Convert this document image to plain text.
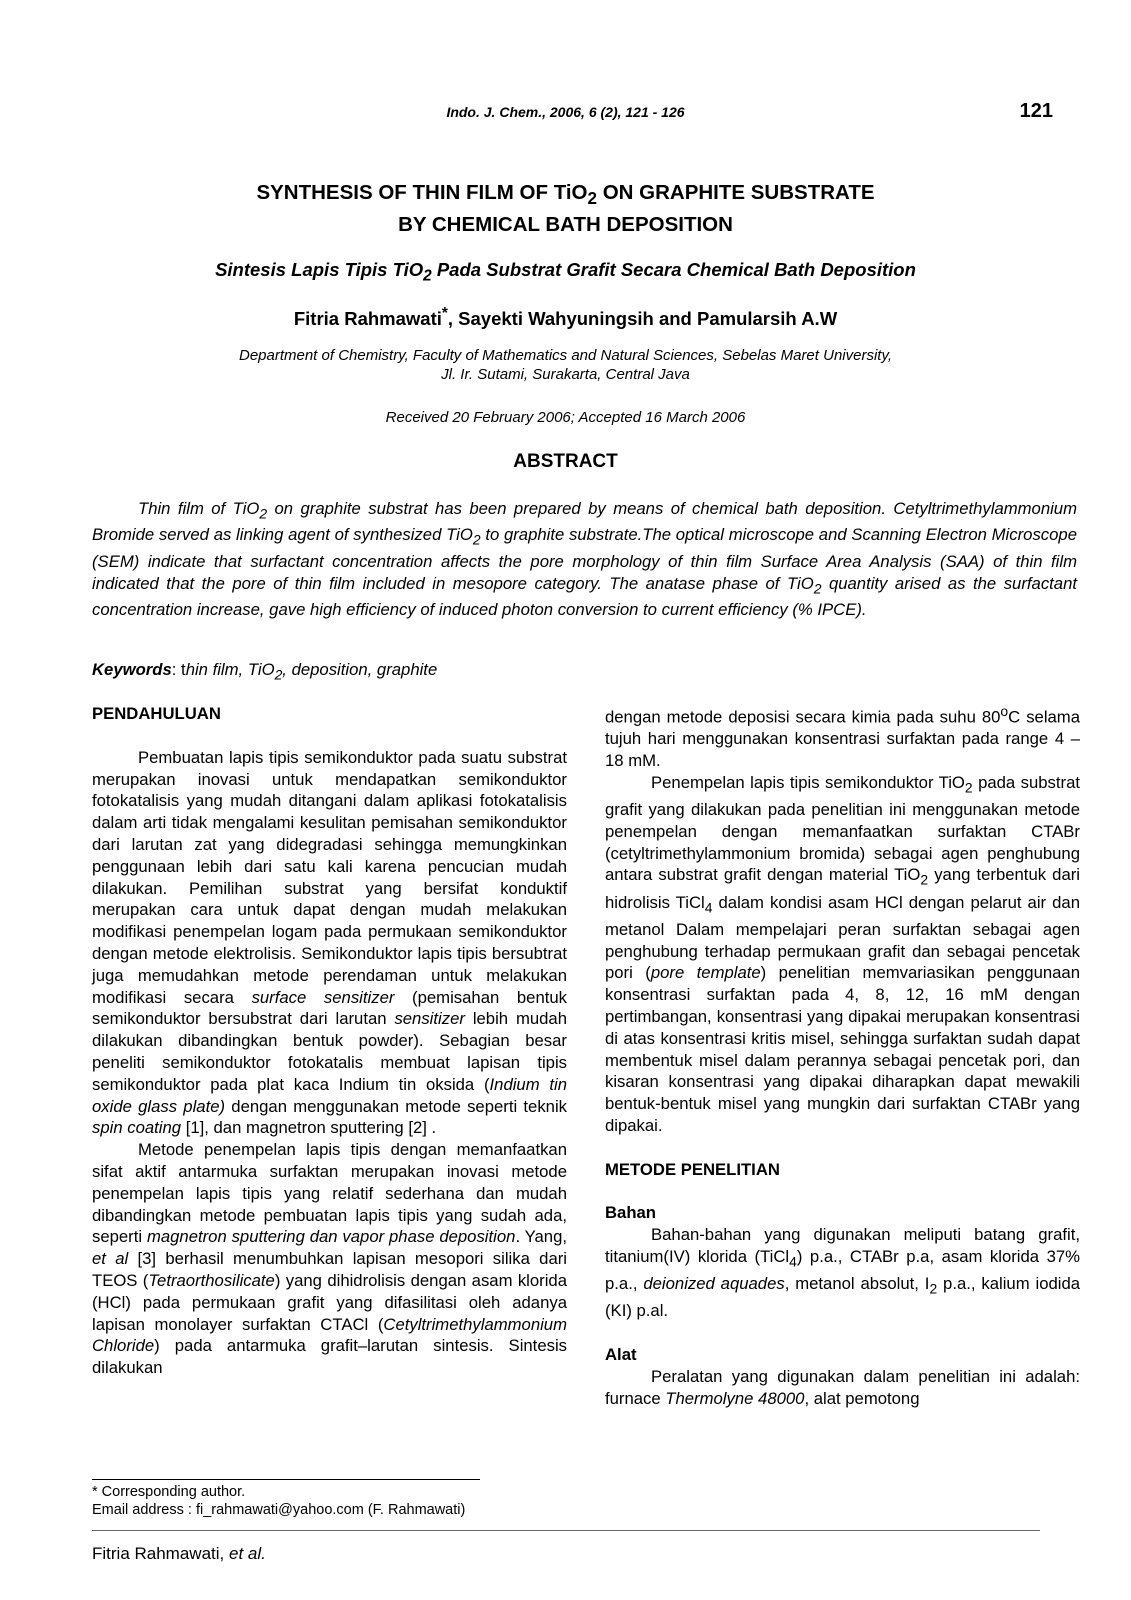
Indo. J. Chem., 2006, 6 (2), 121 - 126	121
SYNTHESIS OF THIN FILM OF TiO$_2$ ON GRAPHITE SUBSTRATE
BY CHEMICAL BATH DEPOSITION
Sintesis Lapis Tipis TiO$_2$ Pada Substrat Grafit Secara Chemical Bath Deposition
Fitria Rahmawati*, Sayekti Wahyuningsih and Pamularsih A.W
Department of Chemistry, Faculty of Mathematics and Natural Sciences, Sebelas Maret University,
Jl. Ir. Sutami, Surakarta, Central Java
Received 20 February 2006; Accepted 16 March 2006
ABSTRACT
Thin film of TiO$_2$ on graphite substrat has been prepared by means of chemical bath deposition. Cetyltrimethylammonium Bromide served as linking agent of synthesized TiO$_2$ to graphite substrate.The optical microscope and Scanning Electron Microscope (SEM) indicate that surfactant concentration affects the pore morphology of thin film Surface Area Analysis (SAA) of thin film indicated that the pore of thin film included in mesopore category. The anatase phase of TiO$_2$ quantity arised as the surfactant concentration increase, gave high efficiency of induced photon conversion to current efficiency (% IPCE).
Keywords: thin film, TiO$_2$, deposition, graphite
PENDAHULUAN

Pembuatan lapis tipis semikonduktor pada suatu substrat merupakan inovasi untuk mendapatkan semikonduktor fotokatalisis yang mudah ditangani dalam aplikasi fotokatalisis dalam arti tidak mengalami kesulitan pemisahan semikonduktor dari larutan zat yang didegradasi sehingga memungkinkan penggunaan lebih dari satu kali karena pencucian mudah dilakukan. Pemilihan substrat yang bersifat konduktif merupakan cara untuk dapat dengan mudah melakukan modifikasi penempelan logam pada permukaan semikonduktor dengan metode elektrolisis. Semikonduktor lapis tipis bersubtrat juga memudahkan metode perendaman untuk melakukan modifikasi secara surface sensitizer (pemisahan bentuk semikonduktor bersubstrat dari larutan sensitizer lebih mudah dilakukan dibandingkan bentuk powder). Sebagian besar peneliti semikonduktor fotokatalis membuat lapisan tipis semikonduktor pada plat kaca Indium tin oksida (Indium tin oxide glass plate) dengan menggunakan metode seperti teknik spin coating [1], dan magnetron sputtering [2] .

Metode penempelan lapis tipis dengan memanfaatkan sifat aktif antarmuka surfaktan merupakan inovasi metode penempelan lapis tipis yang relatif sederhana dan mudah dibandingkan metode pembuatan lapis tipis yang sudah ada, seperti magnetron sputtering dan vapor phase deposition. Yang, et al [3] berhasil menumbuhkan lapisan mesopori silika dari TEOS (Tetraorthosilicate) yang dihidrolisis dengan asam klorida (HCl) pada permukaan grafit yang difasilitasi oleh adanya lapisan monolayer surfaktan CTACl (Cetyltrimethylammonium Chloride) pada antarmuka grafit–larutan sintesis. Sintesis dilakukan

dengan metode deposisi secara kimia pada suhu 80$^o$C selama tujuh hari menggunakan konsentrasi surfaktan pada range 4 – 18 mM.

Penempelan lapis tipis semikonduktor TiO$_2$ pada substrat grafit yang dilakukan pada penelitian ini menggunakan metode penempelan dengan memanfaatkan surfaktan CTABr (cetyltrimethylammonium bromida) sebagai agen penghubung antara substrat grafit dengan material TiO$_2$ yang terbentuk dari hidrolisis TiCl$_4$ dalam kondisi asam HCl dengan pelarut air dan metanol Dalam mempelajari peran surfaktan sebagai agen penghubung terhadap permukaan grafit dan sebagai pencetak pori (pore template) penelitian memvariasikan penggunaan konsentrasi surfaktan pada 4, 8, 12, 16 mM dengan pertimbangan, konsentrasi yang dipakai merupakan konsentrasi di atas konsentrasi kritis misel, sehingga surfaktan sudah dapat membentuk misel dalam perannya sebagai pencetak pori, dan kisaran konsentrasi yang dipakai diharapkan dapat mewakili bentuk-bentuk misel yang mungkin dari surfaktan CTABr yang dipakai.

METODE PENELITIAN
Bahan

Bahan-bahan yang digunakan meliputi batang grafit, titanium(IV) klorida (TiCl$_4$) p.a., CTABr p.a, asam klorida 37% p.a., deionized aquades, metanol absolut, $I_2$ p.a., kalium iodida (KI) p.al.

Alat

Peralatan yang digunakan dalam penelitian ini adalah: furnace Thermolyne 48000, alat pemotong

* Corresponding author.
Email address : fi_rahmawati@yahoo.com (F. Rahmawati)
Fitria Rahmawati, et al.
